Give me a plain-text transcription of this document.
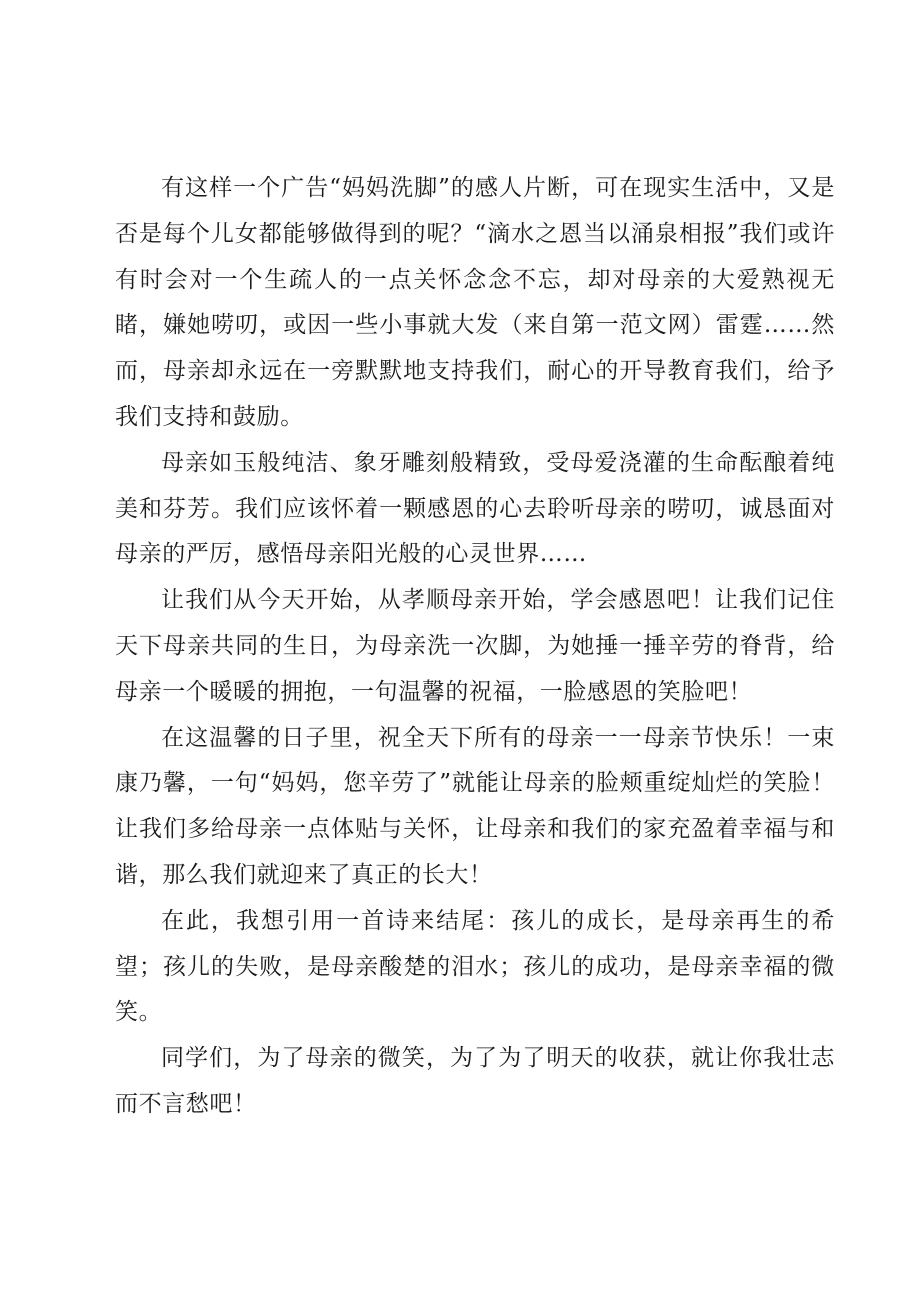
有这样一个广告“妈妈洗脚”的感人片断，可在现实生活中，又是否是每个儿女都能够做得到的呢？“滴水之恩当以涌泉相报”我们或许有时会对一个生疏人的一点关怀念念不忘，却对母亲的大爱熟视无睹，嫌她唠叨，或因一些小事就大发（来自第一范文网）雷霆……然而，母亲却永远在一旁默默地支持我们，耐心的开导教育我们，给予我们支持和鼓励。

母亲如玉般纯洁、象牙雕刻般精致，受母爱浇灌的生命酝酿着纯美和芬芳。我们应该怀着一颗感恩的心去聆听母亲的唠叨，诚恳面对母亲的严厉，感悟母亲阳光般的心灵世界……

让我们从今天开始，从孝顺母亲开始，学会感恩吧！让我们记住天下母亲共同的生日，为母亲洗一次脚，为她捶一捶辛劳的脊背，给母亲一个暖暖的拥抱，一句温馨的祝福，一脸感恩的笑脸吧！

在这温馨的日子里，祝全天下所有的母亲一一母亲节快乐！一束康乃馨，一句“妈妈，您辛劳了”就能让母亲的脸颊重绽灿烂的笑脸！让我们多给母亲一点体贴与关怀，让母亲和我们的家充盈着幸福与和谐，那么我们就迎来了真正的长大！

在此，我想引用一首诗来结尾：孩儿的成长，是母亲再生的希望；孩儿的失败，是母亲酸楚的泪水；孩儿的成功，是母亲幸福的微笑。

同学们，为了母亲的微笑，为了为了明天的收获，就让你我壮志而不言愁吧！
